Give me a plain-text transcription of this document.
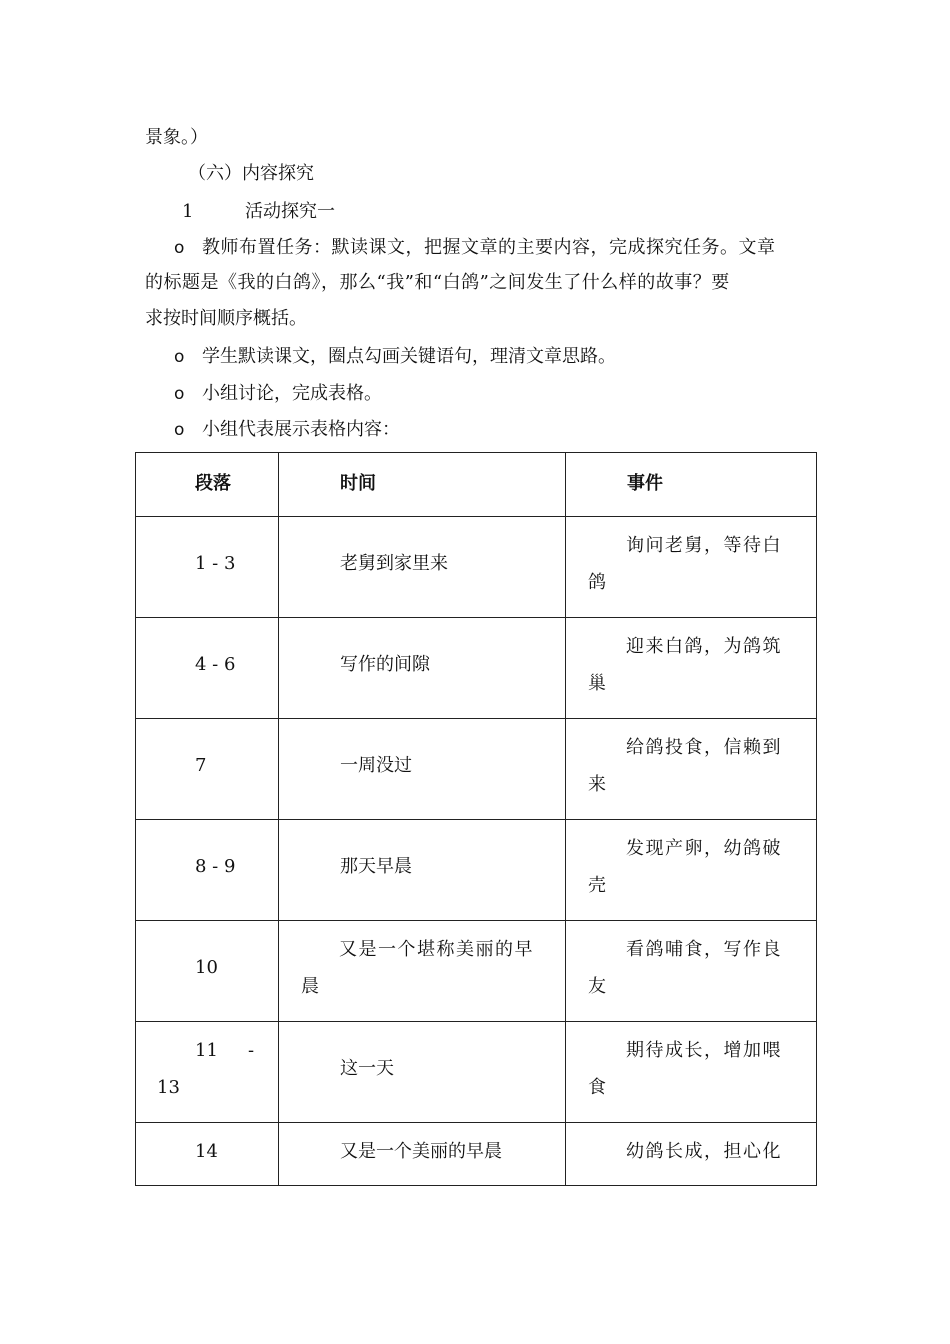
景象。）
（六）内容探究
1	活动探究一
o 教师布置任务：默读课文，把握文章的主要内容，完成探究任务。文章
的标题是《我的白鸽》，那么“我”和“白鸽”之间发生了什么样的故事？要
求按时间顺序概括。
o 学生默读课文，圈点勾画关键语句，理清文章思路。
o 小组讨论，完成表格。
o 小组代表展示表格内容：
段落	时间	事件

1 - 3	老舅到家里来	询问老舅，等待白鸽

4 - 6	写作的间隙	迎来白鸽，为鸽筑巢

7	一周没过	给鸽投食，信赖到来

8 - 9	那天早晨	发现产卵，幼鸽破壳

10	又是一个堪称美丽的早晨	看鸽哺食，写作良友

11 -
13	这一天	期待成长，增加喂食

14	又是一个美丽的早晨	幼鸽长成，担心化
